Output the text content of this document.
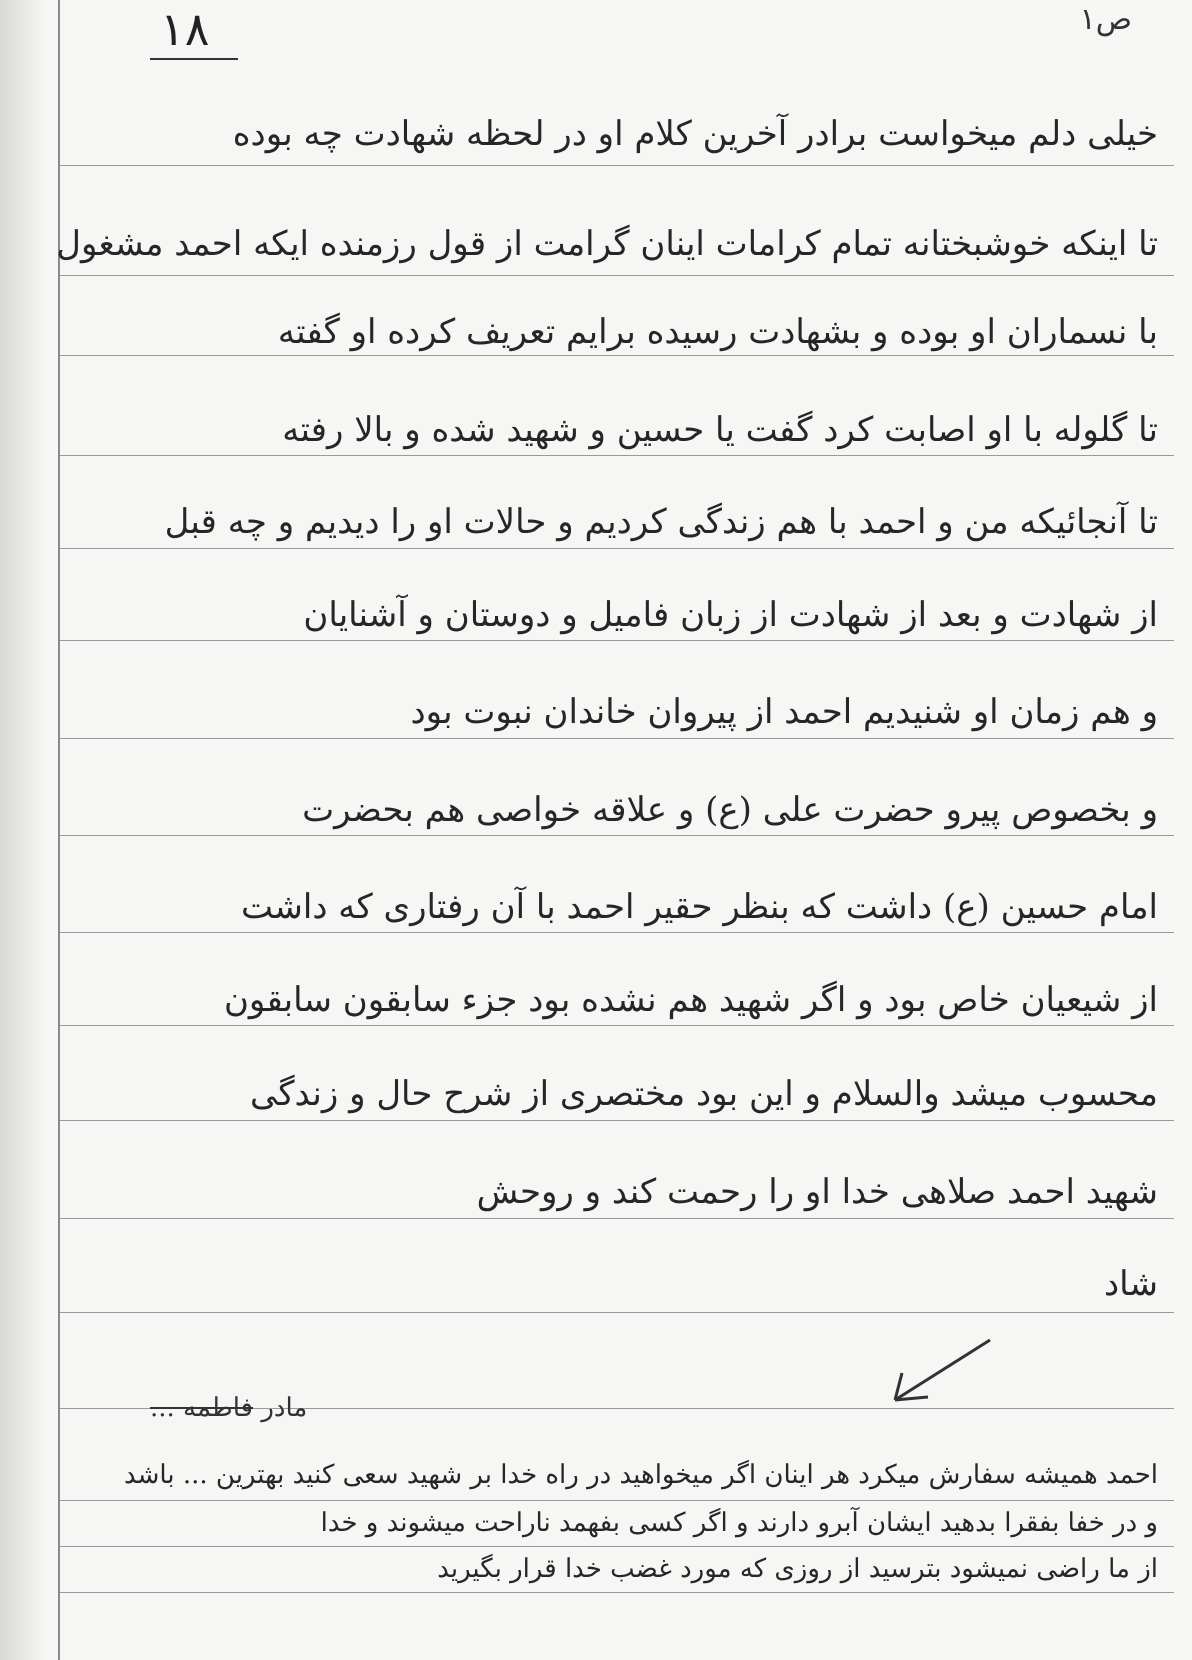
۱۸	ص۱
خیلی دلم میخواست برادر آخرین کلام او در لحظه شهادت چه بوده
تا اینکه خوشبختانه تمام کرامات اینان گرامت از قول رزمنده ایکه احمد مشغول
با نسماران او بوده و بشهادت رسیده برایم تعریف کرده او گفته
تا گلوله با او اصابت کرد گفت یا حسین و شهید شده و بالا رفته
تا آنجائیکه من و احمد با هم زندگی کردیم و حالات او را دیدیم و چه قبل
از شهادت و بعد از شهادت از زبان فامیل و دوستان و آشنایان
و هم زمان او شنیدیم احمد از پیروان خاندان نبوت بود
و بخصوص پیرو حضرت علی (ع) و علاقه خواصی هم بحضرت
امام حسین (ع) داشت که بنظر حقیر احمد با آن رفتاری که داشت
از شیعیان خاص بود و اگر شهید هم نشده بود جزء سابقون سابقون
محسوب میشد والسلام و این بود مختصری از شرح حال و زندگی
شهید احمد صلاهی خدا او را رحمت کند و روحش
شاد
مادر فاطمه ...
احمد همیشه سفارش میکرد هر اینان اگر میخواهید در راه خدا بر شهید سعی کنید بهترین ... باشد
و در خفا بفقرا بدهید ایشان آبرو دارند و اگر کسی بفهمد ناراحت میشوند و خدا
از ما راضی نمیشود بترسید از روزی که مورد غضب خدا قرار بگیرید
